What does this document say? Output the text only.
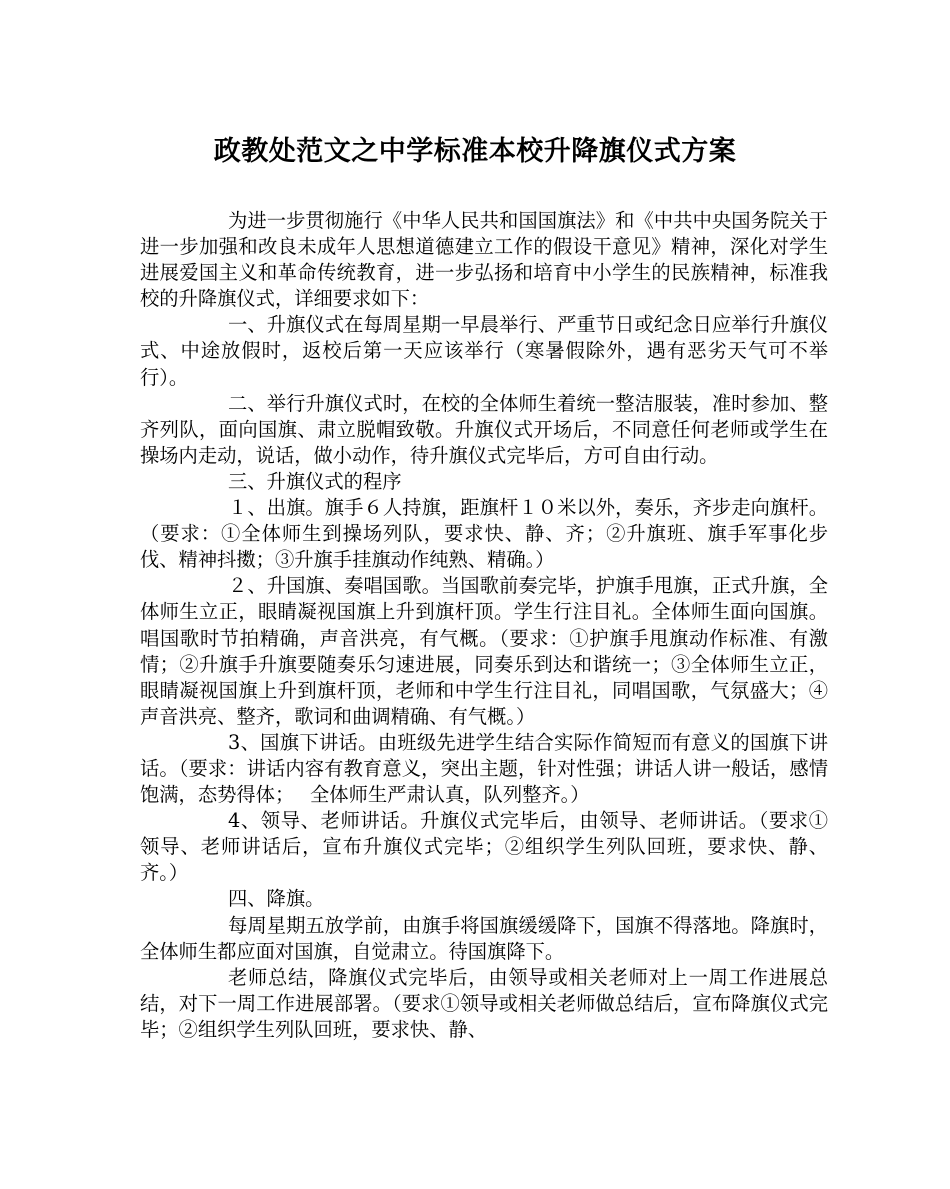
政教处范文之中学标准本校升降旗仪式方案

为进一步贯彻施行《中华人民共和国国旗法》和《中共中央国务院关于进一步加强和改良未成年人思想道德建立工作的假设干意见》精神，深化对学生进展爱国主义和革命传统教育，进一步弘扬和培育中小学生的民族精神，标准我校的升降旗仪式，详细要求如下：

一、升旗仪式在每周星期一早晨举行、严重节日或纪念日应举行升旗仪式、中途放假时，返校后第一天应该举行（寒暑假除外，遇有恶劣天气可不举行）。

二、举行升旗仪式时，在校的全体师生着统一整洁服装，准时参加、整齐列队，面向国旗、肃立脱帽致敬。升旗仪式开场后，不同意任何老师或学生在操场内走动，说话，做小动作，待升旗仪式完毕后，方可自由行动。

三、升旗仪式的程序

１、出旗。旗手６人持旗，距旗杆１０米以外，奏乐，齐步走向旗杆。（要求：①全体师生到操场列队，要求快、静、齐；②升旗班、旗手军事化步伐、精神抖擞；③升旗手挂旗动作纯熟、精确。）

２、升国旗、奏唱国歌。当国歌前奏完毕，护旗手甩旗，正式升旗，全体师生立正，眼睛凝视国旗上升到旗杆顶。学生行注目礼。全体师生面向国旗。 唱国歌时节拍精确，声音洪亮，有气概。（要求：①护旗手甩旗动作标准、有激情；②升旗手升旗要随奏乐匀速进展，同奏乐到达和谐统一；③全体师生立正，眼睛凝视国旗上升到旗杆顶，老师和中学生行注目礼，同唱国歌，气氛盛大；④声音洪亮、整齐，歌词和曲调精确、有气概。）

3、国旗下讲话。由班级先进学生结合实际作简短而有意义的国旗下讲话。（要求：讲话内容有教育意义，突出主题，针对性强；讲话人讲一般话，感情饱满，态势得体；　 全体师生严肃认真，队列整齐。）

4、领导、老师讲话。升旗仪式完毕后，由领导、老师讲话。（要求①领导、老师讲话后，宣布升旗仪式完毕；②组织学生列队回班，要求快、静、齐。）

四、降旗。

每周星期五放学前，由旗手将国旗缓缓降下，国旗不得落地。降旗时，全体师生都应面对国旗，自觉肃立。待国旗降下。

老师总结，降旗仪式完毕后，由领导或相关老师对上一周工作进展总结，对下一周工作进展部署。（要求①领导或相关老师做总结后，宣布降旗仪式完毕；②组织学生列队回班，要求快、静、
